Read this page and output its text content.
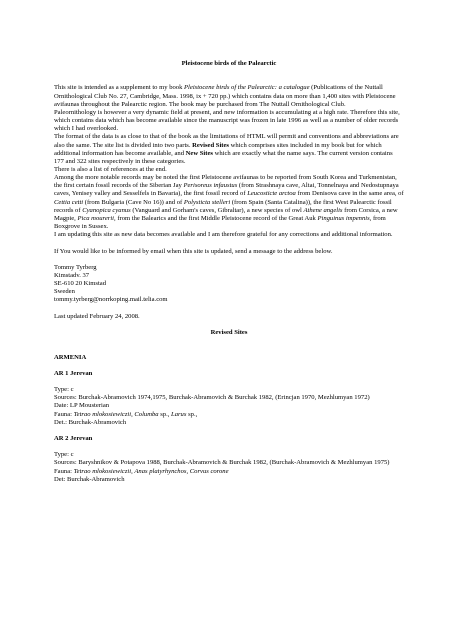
Pleistocene birds of the Palearctic

This site is intended as a supplement to my book Pleistocene birds of the Palearctic: a catalogue (Publications of the Nuttall Ornithological Club No. 27, Cambridge, Mass. 1998, ix + 720 pp.) which contains data on more than 1,400 sites with Pleistocene avifaunas throughout the Palearctic region. The book may be purchased from The Nuttall Ornithological Club.

Paleornithology is however a very dynamic field at present, and new information is accumulating at a high rate. Therefore this site, which contains data which has become available since the manuscript was frozen in late 1996 as well as a number of older records which I had overlooked.

The format of the data is as close to that of the book as the limitations of HTML will permit and conventions and abbreviations are also the same. The site list is divided into two parts. Revised Sites which comprises sites included in my book but for which additional information has become available, and New Sites which are exactly what the name says. The current version contains 177 and 322 sites respectively in these categories.

There is also a list of references at the end.

Among the more notable records may be noted the first Pleistocene avifaunas to be reported from South Korea and Turkmenistan, the first certain fossil records of the Siberian Jay Perisoreus infaustus (from Strashnaya cave, Altai, Tonnelnaya and Nedostupnaya caves, Yenisey valley and Sesselfels in Bavaria), the first fossil record of Leucosticte arctoa from Denisova cave in the same area, of Cettia cetti (from Bulgaria (Cave No 16)) and of Polysticta stelleri (from Spain (Santa Catalina)), the first West Palearctic fossil records of Cyanopica cyanus (Vanguard and Gorham's caves, Gibraltar), a new species of owl Athene angelis from Corsica, a new Magpie, Pica mourerii, from the Balearics and the first Middle Pleistocene record of the Great Auk Pinguinus impennis, from Boxgrove in Sussex.

I am updating this site as new data becomes available and I am therefore grateful for any corrections and additional information.

If You would like to be informed by email when this site is updated, send a message to the address below.

Tommy Tyrberg

Kimstadv. 37

SE-610 20 Kimstad

Sweden

tommy.tyrberg@norrkoping.mail.telia.com

Last updated February 24, 2008.

Revised Sites

ARMENIA

AR 1 Jerevan

Type: c

Sources: Burchak-Abramovich 1974,1975, Burchak-Abramovich & Burchak 1982, (Erincjan 1970, Mezhlumyan 1972)

Date: LP Mousterian

Fauna: Tetrao mlokosiewiczii, Columba sp., Larus sp.,

Det.: Burchak-Abramovich

AR 2 Jerevan

Type: c

Sources: Baryshnikov & Potapova 1988, Burchak-Abramovich & Burchak 1982, (Burchak-Abramovich & Mezhlumyan 1975)

Fauna: Tetrao mlokosiewiczii, Anas platyrhynchos, Corvus corone

Det: Burchak-Abramovich
